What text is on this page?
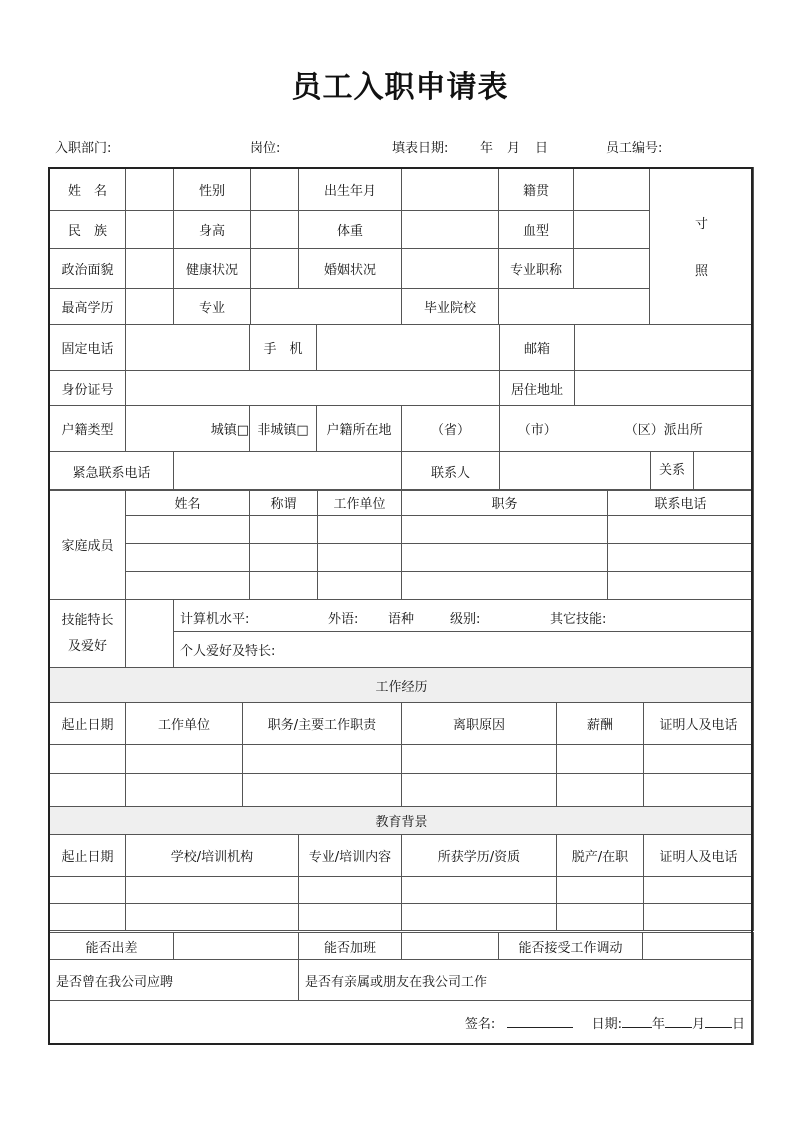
员工入职申请表
入职部门:	岗位:	填表日期: 年 月 日	员工编号:
姓　名		性别		出生年月		籍贯		寸
照

民　族		身高		体重		血型		
政治面貌		健康状况		婚姻状况		专业职称		
最高学历		专业			毕业院校			
固定电话			手　机			邮箱		
身份证号						居住地址		
户籍类型	城镇□		非城镇□	户籍所在地	（省）	（市）	（区）派出所	
紧急联系电话					联系人			关系
家庭成员	姓名	称谓	工作单位	职务	联系电话

技能特长
及爱好

计算机水平:	外语: 语种	级别:	其它技能:

个人爱好及特长:
工作经历					
起止日期	工作单位	职务/主要工作职责	离职原因	薪酬	证明人及电话

教育背景					
起止日期	学校/培训机构	专业/培训内容	所获学历/资质	脱产/在职	证明人及电话

能否出差		能否加班		能否接受工作调动	
是否曾在我公司应聘		是否有亲属或朋友在我公司工作			
签名: 日期: 年 月 日					
